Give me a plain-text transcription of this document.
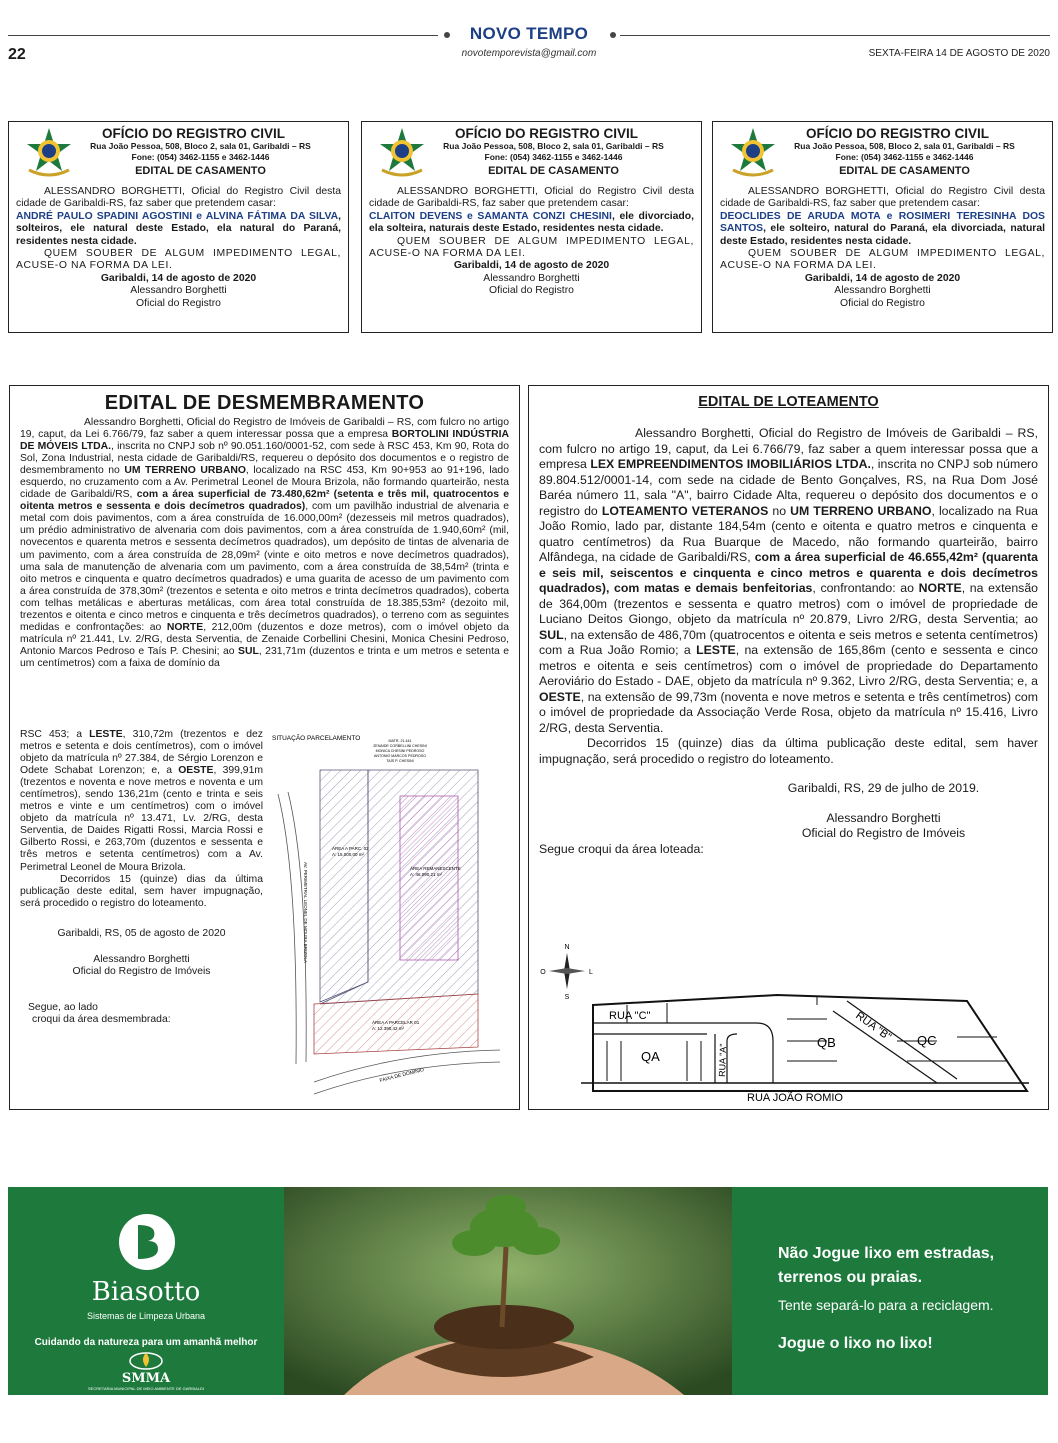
NOVO TEMPO
novotemporevista@gmail.com
22	SEXTA-FEIRA 14 DE AGOSTO DE 2020
OFÍCIO DO REGISTRO CIVIL
Rua João Pessoa, 508, Bloco 2, sala 01, Garibaldi – RS
Fone: (054) 3462-1155 e 3462-1446
EDITAL DE CASAMENTO
ALESSANDRO BORGHETTI, Oficial do Registro Civil desta cidade de Garibaldi-RS, faz saber que pretendem casar:
ANDRÉ PAULO SPADINI AGOSTINI e ALVINA FÁTIMA DA SILVA, solteiros, ele natural deste Estado, ela natural do Paraná, residentes nesta cidade.
QUEM SOUBER DE ALGUM IMPEDIMENTO LEGAL, ACUSE-O NA FORMA DA LEI.
Garibaldi, 14 de agosto de 2020
Alessandro Borghetti
Oficial do Registro
OFÍCIO DO REGISTRO CIVIL
Rua João Pessoa, 508, Bloco 2, sala 01, Garibaldi – RS
Fone: (054) 3462-1155 e 3462-1446
EDITAL DE CASAMENTO
ALESSANDRO BORGHETTI, Oficial do Registro Civil desta cidade de Garibaldi-RS, faz saber que pretendem casar:
CLAITON DEVENS e SAMANTA CONZI CHESINI, ele divorciado, ela solteira, naturais deste Estado, residentes nesta cidade.
QUEM SOUBER DE ALGUM IMPEDIMENTO LEGAL, ACUSE-O NA FORMA DA LEI.
Garibaldi, 14 de agosto de 2020
Alessandro Borghetti
Oficial do Registro
OFÍCIO DO REGISTRO CIVIL
Rua João Pessoa, 508, Bloco 2, sala 01, Garibaldi – RS
Fone: (054) 3462-1155 e 3462-1446
EDITAL DE CASAMENTO
ALESSANDRO BORGHETTI, Oficial do Registro Civil desta cidade de Garibaldi-RS, faz saber que pretendem casar:
DEOCLIDES DE ARUDA MOTA e ROSIMERI TERESINHA DOS SANTOS, ele solteiro, natural do Paraná, ela divorciada, natural deste Estado, residentes nesta cidade.
QUEM SOUBER DE ALGUM IMPEDIMENTO LEGAL, ACUSE-O NA FORMA DA LEI.
Garibaldi, 14 de agosto de 2020
Alessandro Borghetti
Oficial do Registro
EDITAL DE DESMEMBRAMENTO
Alessandro Borghetti, Oficial do Registro de Imóveis de Garibaldi – RS, com fulcro no artigo 19, caput, da Lei 6.766/79, faz saber a quem interessar possa que a empresa BORTOLINI INDÚSTRIA DE MÓVEIS LTDA., inscrita no CNPJ sob nº 90.051.160/0001-52, com sede à RSC 453, Km 90, Rota do Sol, Zona Industrial, nesta cidade de Garibaldi/RS, requereu o depósito dos documentos e o registro de desmembramento no UM TERRENO URBANO, localizado na RSC 453, Km 90+953 ao 91+196, lado esquerdo, no cruzamento com a Av. Perimetral Leonel de Moura Brizola, não formando quarteirão, nesta cidade de Garibaldi/RS, com a área superficial de 73.480,62m² (setenta e três mil, quatrocentos e oitenta metros e sessenta e dois decímetros quadrados), com um pavilhão industrial de alvenaria e metal com dois pavimentos, com a área construída de 16.000,00m² (dezesseis mil metros quadrados), um prédio administrativo de alvenaria com dois pavimentos, com a área construída de 1.940,60m² (mil, novecentos e quarenta metros e sessenta decímetros quadrados), um depósito de tintas de alvenaria de um pavimento, com a área construída de 28,09m² (vinte e oito metros e nove decímetros quadrados), uma sala de manutenção de alvenaria com um pavimento, com a área construída de 38,54m² (trinta e oito metros e cinquenta e quatro decímetros quadrados) e uma guarita de acesso de um pavimento com a área construída de 378,30m² (trezentos e setenta e oito metros e trinta decímetros quadrados), coberta com telhas metálicas e aberturas metálicas, com área total construída de 18.385,53m² (dezoito mil, trezentos e oitenta e cinco metros e cinquenta e três decímetros quadrados), o terreno com as seguintes medidas e confrontações: ao NORTE, 212,00m (duzentos e doze metros), com o imóvel objeto da matrícula nº 21.441, Lv. 2/RG, desta Serventia, de Zenaide Corbellini Chesini, Monica Chesini Pedroso, Antonio Marcos Pedroso e Taís P. Chesini; ao SUL, 231,71m (duzentos e trinta e um metros e setenta e um centímetros) com a faixa de domínio da
RSC 453; a LESTE, 310,72m (trezentos e dez metros e setenta e dois centímetros), com o imóvel objeto da matrícula nº 27.384, de Sérgio Lorenzon e Odete Schabat Lorenzon; e, a OESTE, 399,91m (trezentos e noventa e nove metros e noventa e um centímetros), sendo 136,21m (cento e trinta e seis metros e vinte e um centímetros) com o imóvel objeto da matrícula nº 13.471, Lv. 2/RG, desta Serventia, de Daides Rigatti Rossi, Marcia Rossi e Gilberto Rossi, e 263,70m (duzentos e sessenta e três metros e setenta centímetros) com a Av. Perimetral Leonel de Moura Brizola.
Decorridos 15 (quinze) dias da última publicação deste edital, sem haver impugnação, será procedido o registro do loteamento.
Garibaldi, RS, 05 de agosto de 2020
Alessandro Borghetti
Oficial do Registro de Imóveis
Segue, ao lado
croqui da área desmembrada:
SITUAÇÃO PARCELAMENTO	MATR. 21.441
ZENAIDE CORBELLINI CHESINI
MONICA CHESINI PEDROSO
ANTONIO MARCOS PEDROSO
TAÍS P. CHESINI
ÁREA A PARC. 02
A: 15.000,00 m²
ÁREA REMANESCENTE
A: 46.090,21 m²
ÁREA A PARCELAR 01
A: 12.390,42 m²
AV. PERIMETRAL LEONEL DE MOURA BRIZOLA
FAIXA DE DOMÍNIO
EDITAL DE LOTEAMENTO
Alessandro Borghetti, Oficial do Registro de Imóveis de Garibaldi – RS, com fulcro no artigo 19, caput, da Lei 6.766/79, faz saber a quem interessar possa que a empresa LEX EMPREENDIMENTOS IMOBILIÁRIOS LTDA., inscrita no CNPJ sob número 89.804.512/0001-14, com sede na cidade de Bento Gonçalves, RS, na Rua Dom José Baréa número 11, sala "A", bairro Cidade Alta, requereu o depósito dos documentos e o registro do LOTEAMENTO VETERANOS no UM TERRENO URBANO, localizado na Rua João Romio, lado par, distante 184,54m (cento e oitenta e quatro metros e cinquenta e quatro centímetros) da Rua Buarque de Macedo, não formando quarteirão, bairro Alfândega, na cidade de Garibaldi/RS, com a área superficial de 46.655,42m² (quarenta e seis mil, seiscentos e cinquenta e cinco metros e quarenta e dois decímetros quadrados), com matas e demais benfeitorias, confrontando: ao NORTE, na extensão de 364,00m (trezentos e sessenta e quatro metros) com o imóvel de propriedade de Luciano Deitos Giongo, objeto da matrícula nº 20.879, Livro 2/RG, desta Serventia; ao SUL, na extensão de 486,70m (quatrocentos e oitenta e seis metros e setenta centímetros) com a Rua João Romio; a LESTE, na extensão de 165,86m (cento e sessenta e cinco metros e oitenta e seis centímetros) com o imóvel de propriedade do Departamento Aeroviário do Estado - DAE, objeto da matrícula nº 9.362, Livro 2/RG, desta Serventia; e, a OESTE, na extensão de 99,73m (noventa e nove metros e setenta e três centímetros) com o imóvel de propriedade da Associação Verde Rosa, objeto da matrícula nº 15.416, Livro 2/RG, desta Serventia.
Decorridos 15 (quinze) dias da última publicação deste edital, sem haver impugnação, será procedido o registro do loteamento.
Garibaldi, RS, 29 de julho de 2019.
Alessandro Borghetti
Oficial do Registro de Imóveis
Segue croqui da área loteada:
N
S
O	L
RUA "C"
RUA "A"
RUA "B"
QA
QB	QC
RUA JOÃO ROMIO
Biasotto
Sistemas de Limpeza Urbana
Cuidando da natureza para um amanhã melhor
SMMA
SECRETARIA MUNICIPAL DE MEIO AMBIENTE DE GARIBALDI
Não Jogue lixo em estradas,
terrenos ou praias.
Tente separá-lo para a reciclagem.
Jogue o lixo no lixo!
